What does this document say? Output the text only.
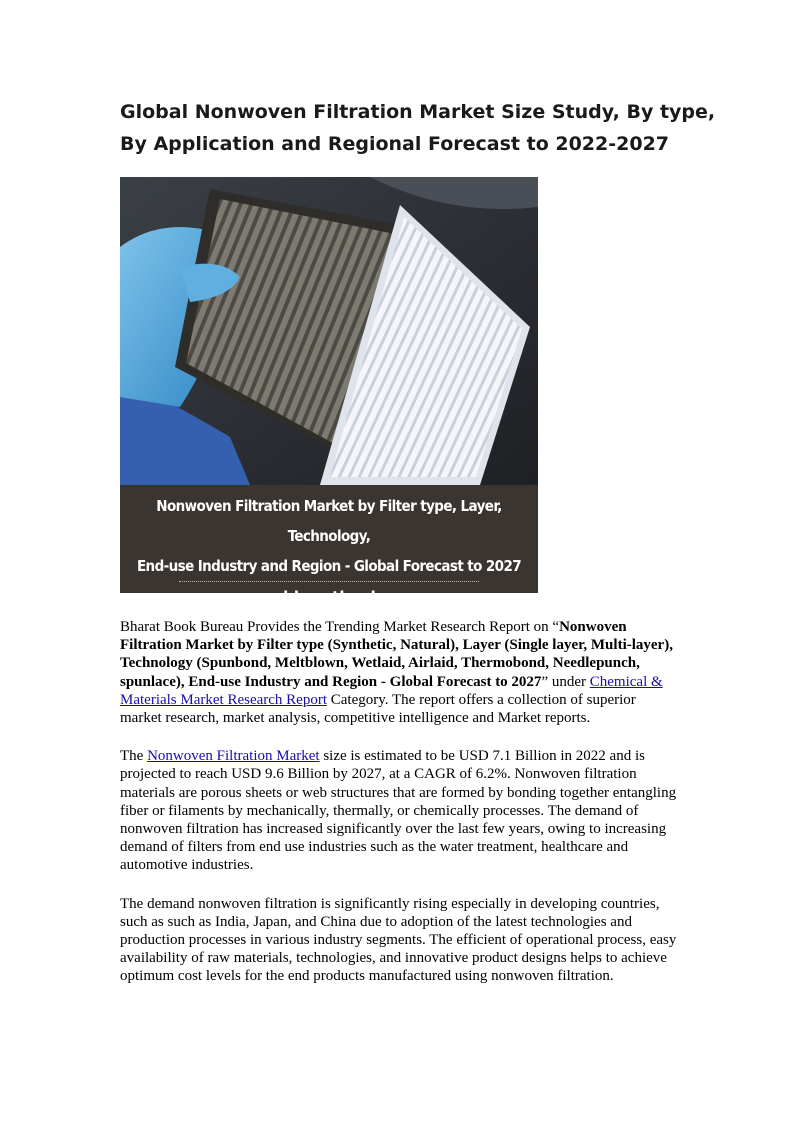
Global Nonwoven Filtration Market Size Study, By type,
By Application and Regional Forecast to 2022-2027
Nonwoven Filtration Market by Filter type, Layer, Technology,
End-use Industry and Region - Global Forecast to 2027
www.bharatbook.com

Bharat Book Bureau Provides the Trending Market Research Report on “Nonwoven Filtration Market by Filter type (Synthetic, Natural), Layer (Single layer, Multi-layer), Technology (Spunbond, Meltblown, Wetlaid, Airlaid, Thermobond, Needlepunch, spunlace), End-use Industry and Region - Global Forecast to 2027” under Chemical & Materials Market Research Report Category. The report offers a collection of superior market research, market analysis, competitive intelligence and Market reports.

The Nonwoven Filtration Market size is estimated to be USD 7.1 Billion in 2022 and is projected to reach USD 9.6 Billion by 2027, at a CAGR of 6.2%. Nonwoven filtration materials are porous sheets or web structures that are formed by bonding together entangling fiber or filaments by mechanically, thermally, or chemically processes. The demand of nonwoven filtration has increased significantly over the last few years, owing to increasing demand of filters from end use industries such as the water treatment, healthcare and automotive industries.

The demand nonwoven filtration is significantly rising especially in developing countries, such as such as India, Japan, and China due to adoption of the latest technologies and production processes in various industry segments. The efficient of operational process, easy availability of raw materials, technologies, and innovative product designs helps to achieve optimum cost levels for the end products manufactured using nonwoven filtration.
